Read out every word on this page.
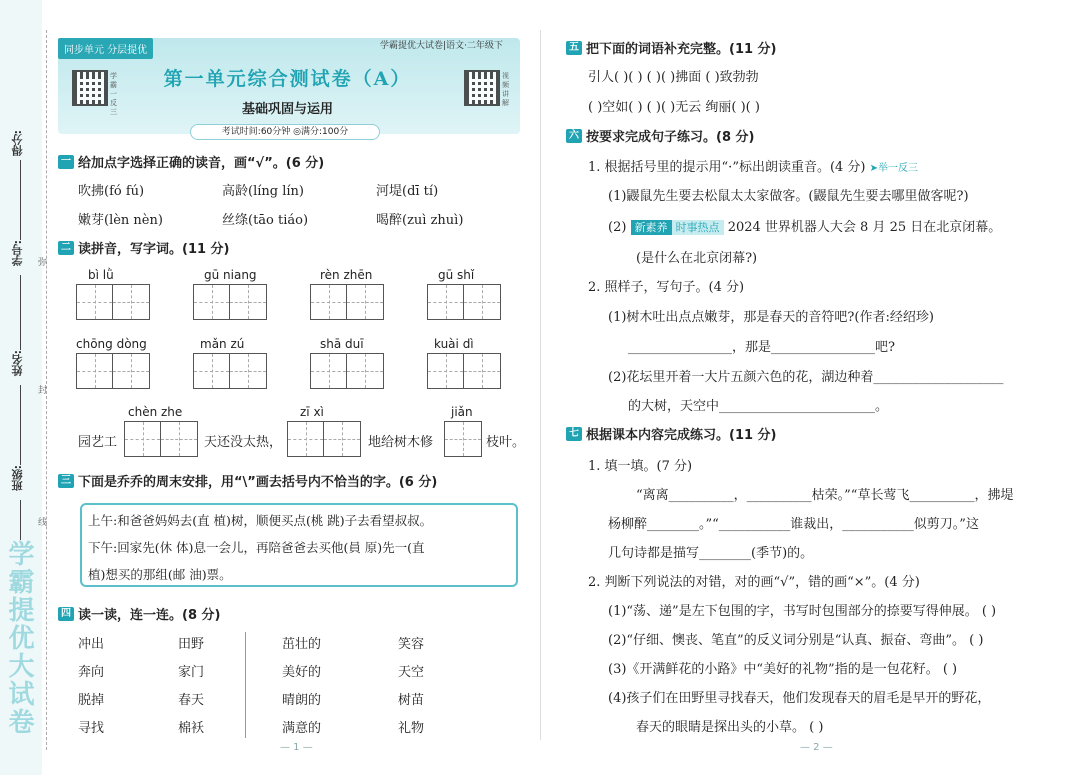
学霸提优大试卷
得分:
学号:
姓名:
班级:
弥
封
线
同步单元 分层提优	学霸提优大试卷|语文·二年级下
学霸一反三
视频讲解
第一单元综合测试卷（A）
基础巩固与运用
考试时间:60分钟 ◎满分:100分
一 给加点字选择正确的读音，画“√”。(6 分)
吹拂(fó fú)	高龄(líng lín)	河堤(dī tí)
嫩芽(lèn nèn)	丝绦(tāo tiáo)	喝醉(zuì zhuì)
二 读拼音，写字词。(11 分)
bì lǜ	gū niang	rèn zhēn	gū shǐ
chōng dòng	mǎn zú	shā duī	kuài dì
chèn zhe	zī xì	jiǎn
园艺工	天还没太热，	地给树木修	枝叶。
三 下面是乔乔的周末安排，用“\”画去括号内不恰当的字。(6 分)
上午:和爸爸妈妈去(直 植)树，顺便买点(桃 跳)子去看望叔叔。
下午:回家先(休 体)息一会儿，再陪爸爸去买他(員 原)先一(直
植)想买的那组(邮 油)票。
四 读一读，连一连。(8 分)
冲出
奔向
脱掉
寻找
田野
家门
春天
棉袄
茁壮的
美好的
晴朗的
满意的
笑容
天空
树苗
礼物
— 1 —
五 把下面的词语补充完整。(11 分)
引人( )( ) ( )( )拂面 ( )致勃勃
( )空如( ) ( )( )无云 绚丽( )( )
六 按要求完成句子练习。(8 分)
1. 根据括号里的提示用“·”标出朗读重音。(4 分) ➤举一反三
(1)鼹鼠先生要去松鼠太太家做客。(鼹鼠先生要去哪里做客呢?)
(2) 新素养 时事热点 2024 世界机器人大会 8 月 25 日在北京闭幕。
(是什么在北京闭幕?)
2. 照样子，写句子。(4 分)
(1)树木吐出点点嫩芽，那是春天的音符吧?(作者:经绍珍)
________________，那是________________吧?
(2)花坛里开着一大片五颜六色的花，湖边种着____________________
的大树，天空中________________________。
七 根据课本内容完成练习。(11 分)
1. 填一填。(7 分)
“离离__________，__________枯荣。”“草长莺飞__________，拂堤
杨柳醉________。”“___________谁裁出，___________似剪刀。”这
几句诗都是描写________(季节)的。
2. 判断下列说法的对错，对的画“√”，错的画“×”。(4 分)
(1)“荡、递”是左下包围的字，书写时包围部分的捺要写得伸展。 ( )
(2)“仔细、懊丧、笔直”的反义词分别是“认真、振奋、弯曲”。 ( )
(3)《开满鲜花的小路》中“美好的礼物”指的是一包花籽。 ( )
(4)孩子们在田野里寻找春天，他们发现春天的眉毛是早开的野花，
春天的眼睛是探出头的小草。 ( )
— 2 —
